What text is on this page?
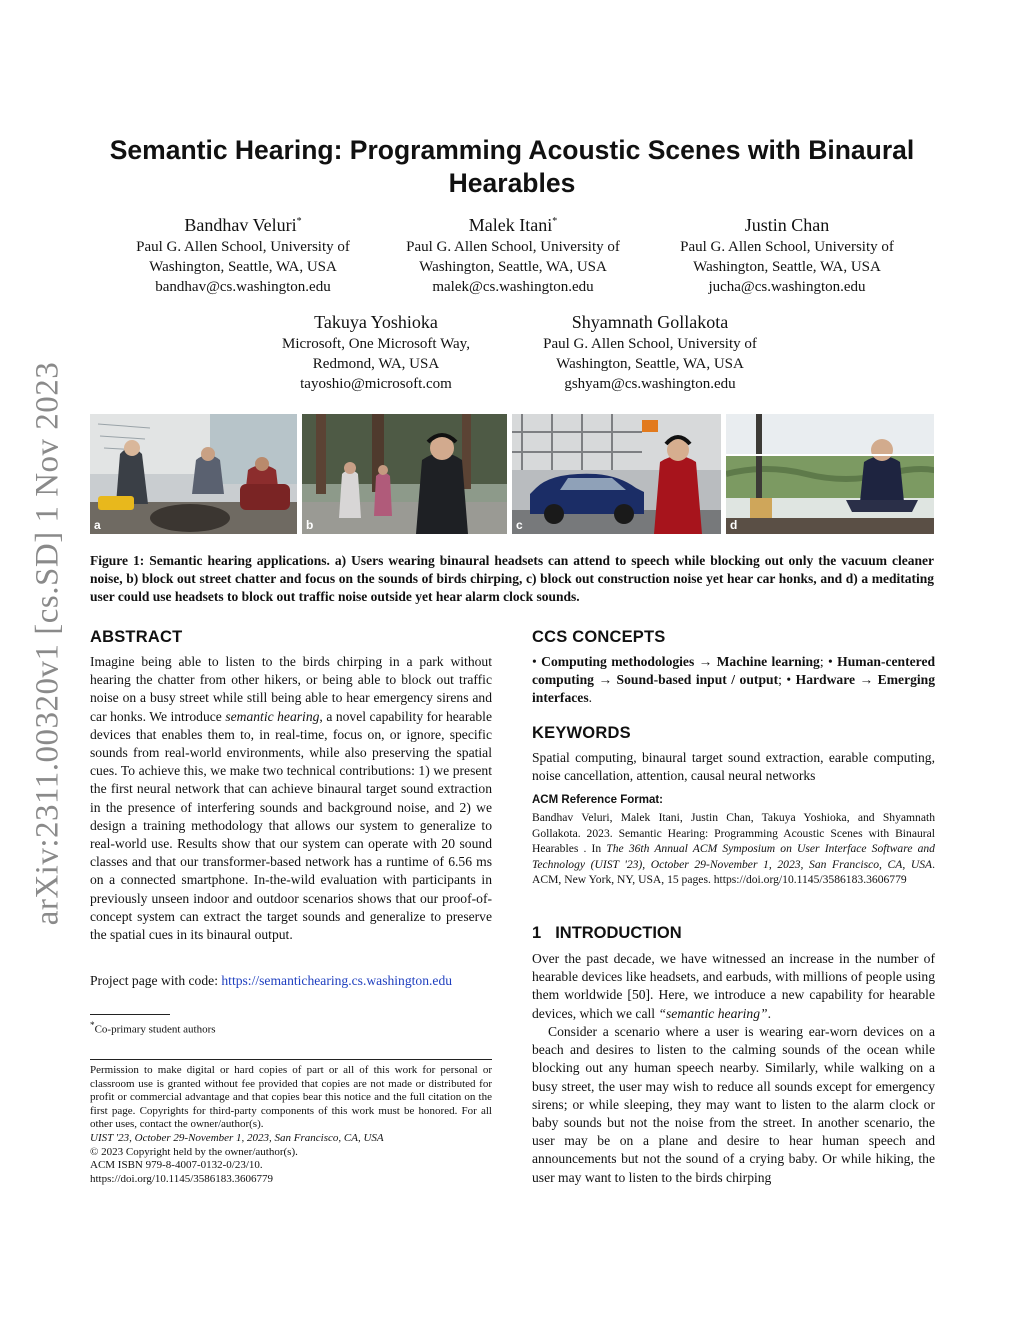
arXiv:2311.00320v1 [cs.SD] 1 Nov 2023
Semantic Hearing: Programming Acoustic Scenes with Binaural Hearables
Bandhav Veluri*
Paul G. Allen School, University of
Washington, Seattle, WA, USA
bandhav@cs.washington.edu
Malek Itani*
Paul G. Allen School, University of
Washington, Seattle, WA, USA
malek@cs.washington.edu
Justin Chan
Paul G. Allen School, University of
Washington, Seattle, WA, USA
jucha@cs.washington.edu
Takuya Yoshioka
Microsoft, One Microsoft Way,
Redmond, WA, USA
tayoshio@microsoft.com
Shyamnath Gollakota
Paul G. Allen School, University of
Washington, Seattle, WA, USA
gshyam@cs.washington.edu
a	b	c	d

Figure 1: Semantic hearing applications. a) Users wearing binaural headsets can attend to speech while blocking out only the vacuum cleaner noise, b) block out street chatter and focus on the sounds of birds chirping, c) block out construction noise yet hear car honks, and d) a meditating user could use headsets to block out traffic noise outside yet hear alarm clock sounds.

ABSTRACT

Imagine being able to listen to the birds chirping in a park without hearing the chatter from other hikers, or being able to block out traffic noise on a busy street while still being able to hear emergency sirens and car honks. We introduce semantic hearing, a novel capability for hearable devices that enables them to, in real-time, focus on, or ignore, specific sounds from real-world environments, while also preserving the spatial cues. To achieve this, we make two technical contributions: 1) we present the first neural network that can achieve binaural target sound extraction in the presence of interfering sounds and background noise, and 2) we design a training methodology that allows our system to generalize to real-world use. Results show that our system can operate with 20 sound classes and that our transformer-based network has a runtime of 6.56 ms on a connected smartphone. In-the-wild evaluation with participants in previously unseen indoor and outdoor scenarios shows that our proof-of-concept system can extract the target sounds and generalize to preserve the spatial cues in its binaural output.

Project page with code: https://semantichearing.cs.washington.edu

*Co-primary student authors

Permission to make digital or hard copies of part or all of this work for personal or classroom use is granted without fee provided that copies are not made or distributed for profit or commercial advantage and that copies bear this notice and the full citation on the first page. Copyrights for third-party components of this work must be honored. For all other uses, contact the owner/author(s).
UIST '23, October 29-November 1, 2023, San Francisco, CA, USA
© 2023 Copyright held by the owner/author(s).
ACM ISBN 979-8-4007-0132-0/23/10.
https://doi.org/10.1145/3586183.3606779
CCS CONCEPTS

• Computing methodologies → Machine learning; • Human-centered computing → Sound-based input / output; • Hardware → Emerging interfaces.

KEYWORDS

Spatial computing, binaural target sound extraction, earable computing, noise cancellation, attention, causal neural networks

ACM Reference Format:

Bandhav Veluri, Malek Itani, Justin Chan, Takuya Yoshioka, and Shyamnath Gollakota. 2023. Semantic Hearing: Programming Acoustic Scenes with Binaural Hearables . In The 36th Annual ACM Symposium on User Interface Software and Technology (UIST '23), October 29-November 1, 2023, San Francisco, CA, USA. ACM, New York, NY, USA, 15 pages. https://doi.org/10.1145/3586183.3606779

1 INTRODUCTION

Over the past decade, we have witnessed an increase in the number of hearable devices like headsets, and earbuds, with millions of people using them worldwide [50]. Here, we introduce a new capability for hearable devices, which we call “semantic hearing”.

Consider a scenario where a user is wearing ear-worn devices on a beach and desires to listen to the calming sounds of the ocean while blocking out any human speech nearby. Similarly, while walking on a busy street, the user may wish to reduce all sounds except for emergency sirens; or while sleeping, they may want to listen to the alarm clock or baby sounds but not the noise from the street. In another scenario, the user may be on a plane and desire to hear human speech and announcements but not the sound of a crying baby. Or while hiking, the user may want to listen to the birds chirping
